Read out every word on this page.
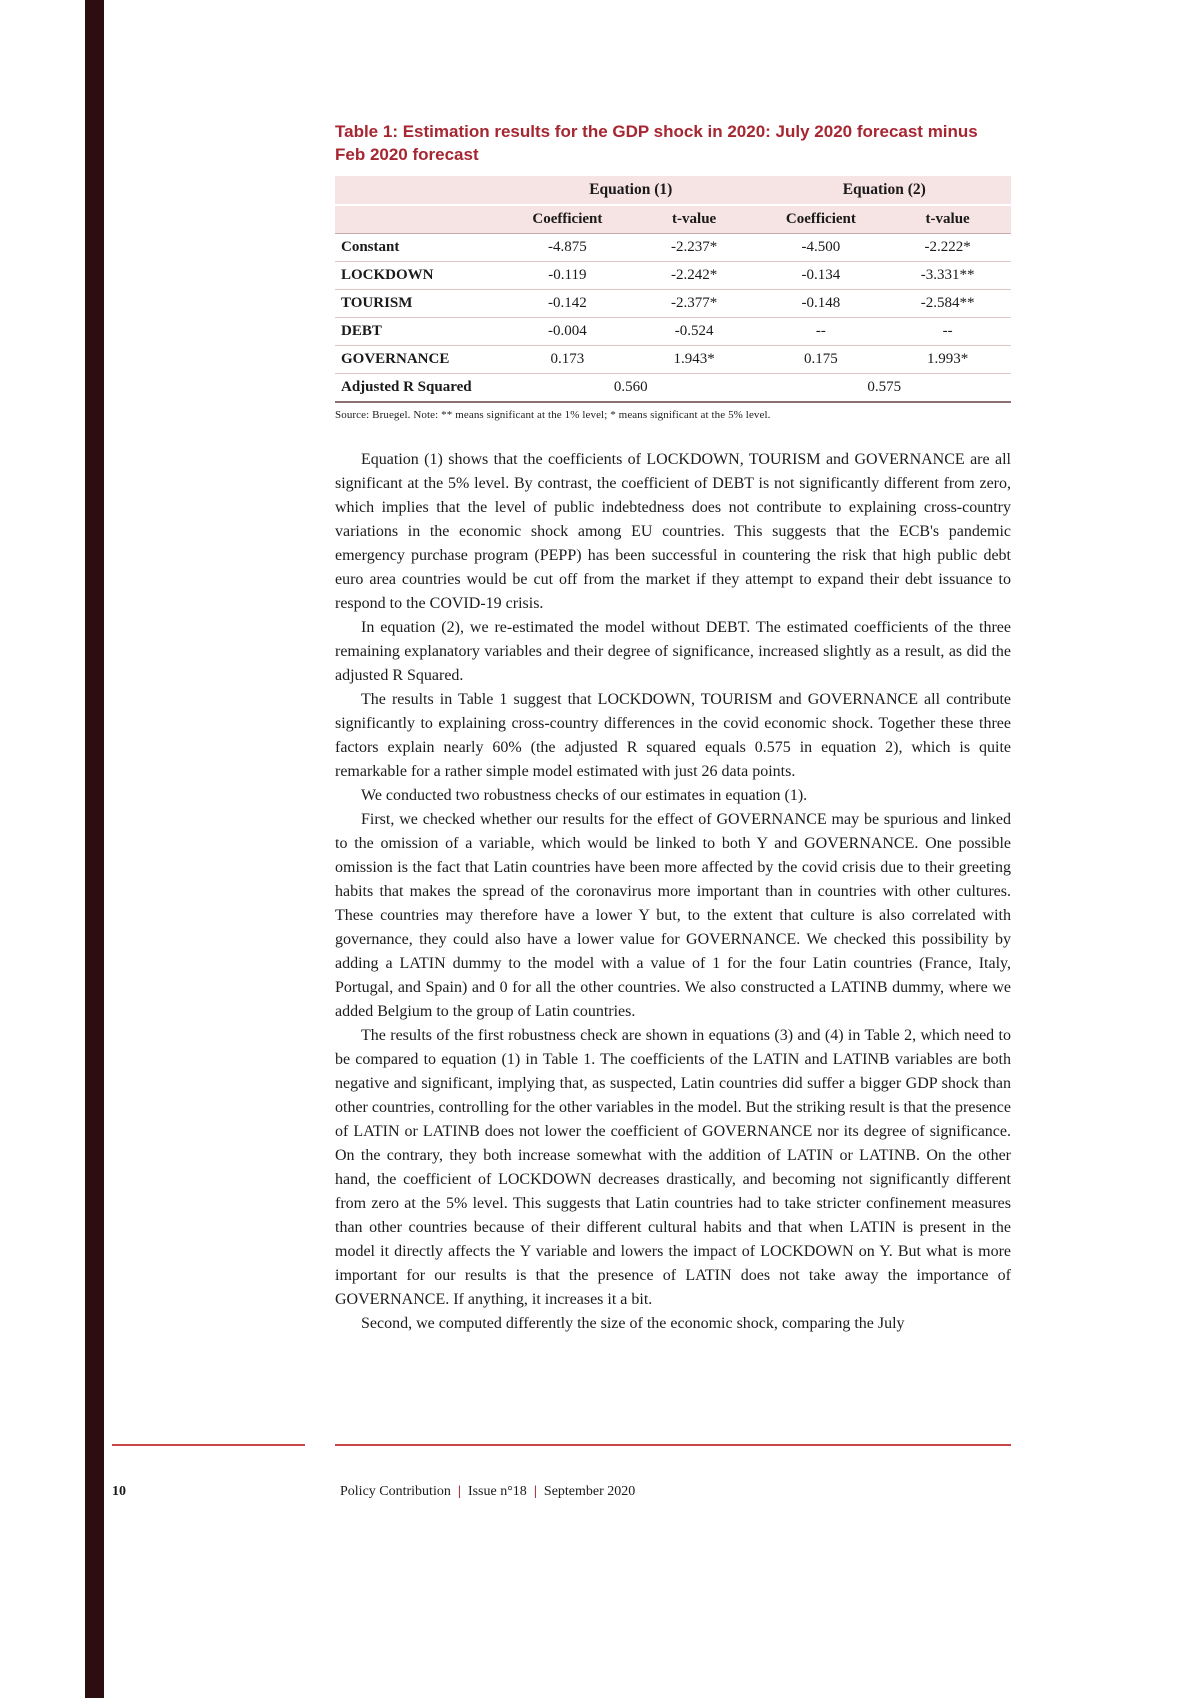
Table 1: Estimation results for the GDP shock in 2020: July 2020 forecast minus Feb 2020 forecast
	Equation (1)		Equation (2)	
	Coefficient	t-value	Coefficient	t-value
Constant	-4.875	-2.237*	-4.500	-2.222*
LOCKDOWN	-0.119	-2.242*	-0.134	-3.331**
TOURISM	-0.142	-2.377*	-0.148	-2.584**
DEBT	-0.004	-0.524	--	--
GOVERNANCE	0.173	1.943*	0.175	1.993*
Adjusted R Squared	0.560		0.575	

Source: Bruegel. Note: ** means significant at the 1% level; * means significant at the 5% level.

Equation (1) shows that the coefficients of LOCKDOWN, TOURISM and GOVERNANCE are all significant at the 5% level. By contrast, the coefficient of DEBT is not significantly different from zero, which implies that the level of public indebtedness does not contribute to explaining cross-country variations in the economic shock among EU countries. This suggests that the ECB's pandemic emergency purchase program (PEPP) has been successful in countering the risk that high public debt euro area countries would be cut off from the market if they attempt to expand their debt issuance to respond to the COVID-19 crisis.

In equation (2), we re-estimated the model without DEBT. The estimated coefficients of the three remaining explanatory variables and their degree of significance, increased slightly as a result, as did the adjusted R Squared.

The results in Table 1 suggest that LOCKDOWN, TOURISM and GOVERNANCE all contribute significantly to explaining cross-country differences in the covid economic shock. Together these three factors explain nearly 60% (the adjusted R squared equals 0.575 in equation 2), which is quite remarkable for a rather simple model estimated with just 26 data points.

We conducted two robustness checks of our estimates in equation (1).

First, we checked whether our results for the effect of GOVERNANCE may be spurious and linked to the omission of a variable, which would be linked to both Y and GOVERNANCE. One possible omission is the fact that Latin countries have been more affected by the covid crisis due to their greeting habits that makes the spread of the coronavirus more important than in countries with other cultures. These countries may therefore have a lower Y but, to the extent that culture is also correlated with governance, they could also have a lower value for GOVERNANCE. We checked this possibility by adding a LATIN dummy to the model with a value of 1 for the four Latin countries (France, Italy, Portugal, and Spain) and 0 for all the other countries. We also constructed a LATINB dummy, where we added Belgium to the group of Latin countries.

The results of the first robustness check are shown in equations (3) and (4) in Table 2, which need to be compared to equation (1) in Table 1. The coefficients of the LATIN and LATINB variables are both negative and significant, implying that, as suspected, Latin countries did suffer a bigger GDP shock than other countries, controlling for the other variables in the model. But the striking result is that the presence of LATIN or LATINB does not lower the coefficient of GOVERNANCE nor its degree of significance. On the contrary, they both increase somewhat with the addition of LATIN or LATINB. On the other hand, the coefficient of LOCKDOWN decreases drastically, and becoming not significantly different from zero at the 5% level. This suggests that Latin countries had to take stricter confinement measures than other countries because of their different cultural habits and that when LATIN is present in the model it directly affects the Y variable and lowers the impact of LOCKDOWN on Y. But what is more important for our results is that the presence of LATIN does not take away the importance of GOVERNANCE. If anything, it increases it a bit.

Second, we computed differently the size of the economic shock, comparing the July

10	Policy Contribution | Issue n°18 | September 2020
